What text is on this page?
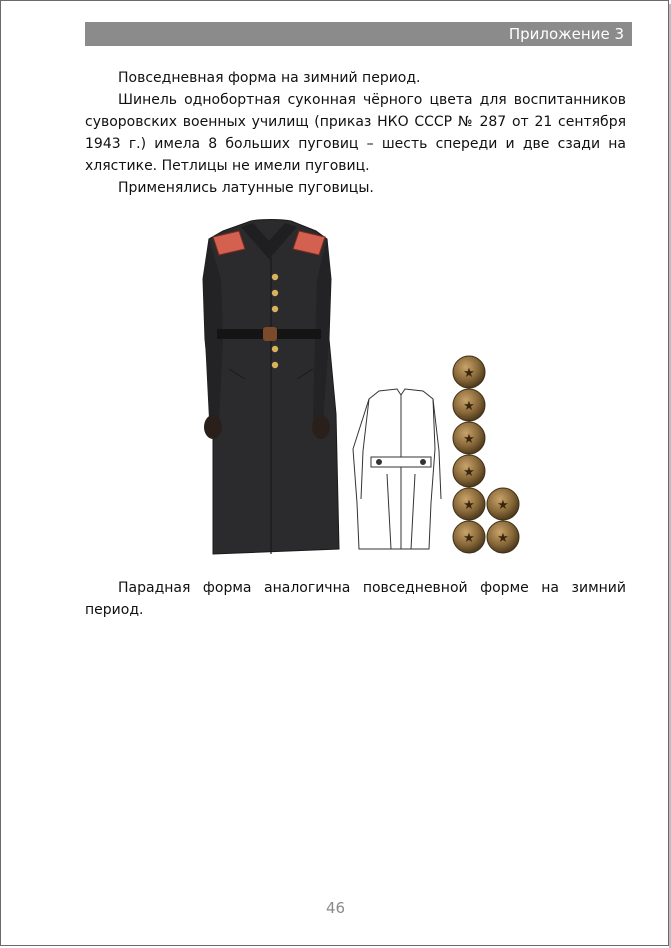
Приложение 3

Повседневная форма на зимний период.

Шинель однобортная суконная чёрного цвета для воспитанников суворовских военных училищ (приказ НКО СССР № 287 от 21 сентября 1943 г.) имела 8 больших пуговиц – шесть спереди и две сзади на хлястике. Петлицы не имели пуговиц.

Применялись латунные пуговицы.

★
★
★
★
★ ★
★ ★

Парадная форма аналогична повседневной форме на зимний период.

46
